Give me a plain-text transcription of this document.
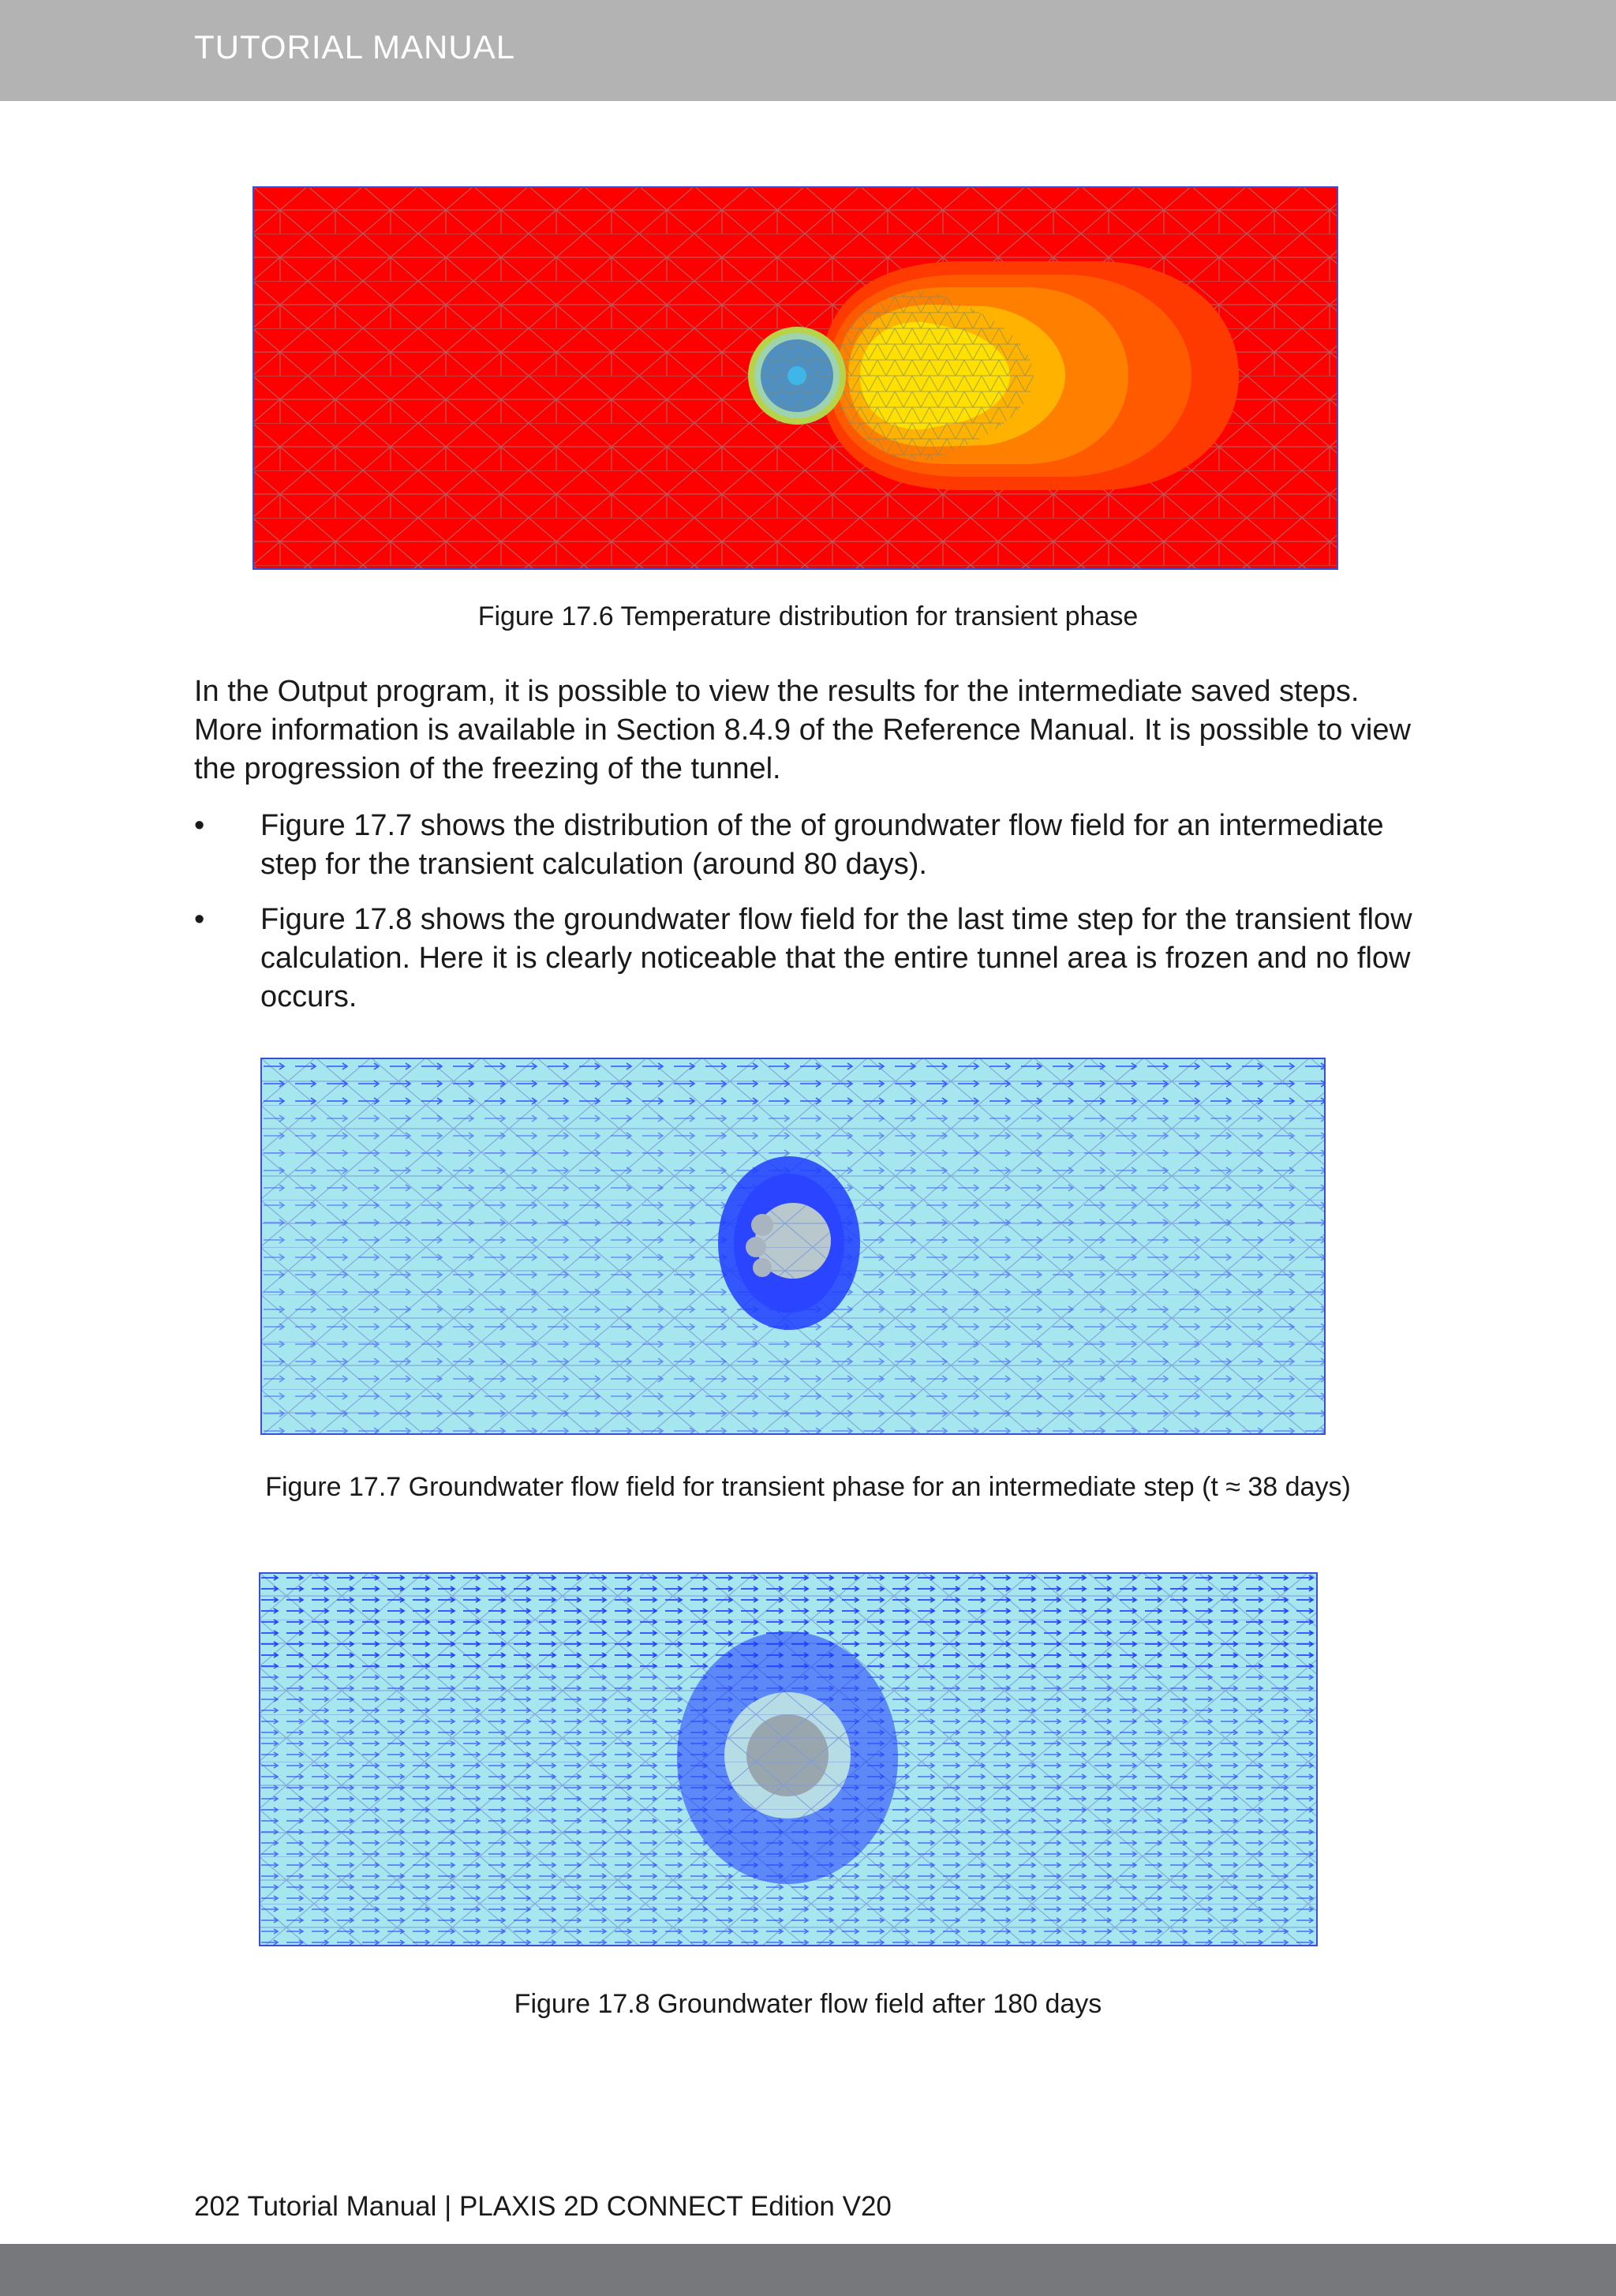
TUTORIAL MANUAL
Figure 17.6 Temperature distribution for transient phase
In the Output program, it is possible to view the results for the intermediate saved steps. More information is available in Section 8.4.9 of the Reference Manual. It is possible to view the progression of the freezing of the tunnel.
• Figure 17.7 shows the distribution of the of groundwater flow field for an intermediate step for the transient calculation (around 80 days).
• Figure 17.8 shows the groundwater flow field for the last time step for the transient flow calculation. Here it is clearly noticeable that the entire tunnel area is frozen and no flow occurs.
Figure 17.7 Groundwater flow field for transient phase for an intermediate step (t ≈ 38 days)
Figure 17.8 Groundwater flow field after 180 days
202 Tutorial Manual | PLAXIS 2D CONNECT Edition V20
